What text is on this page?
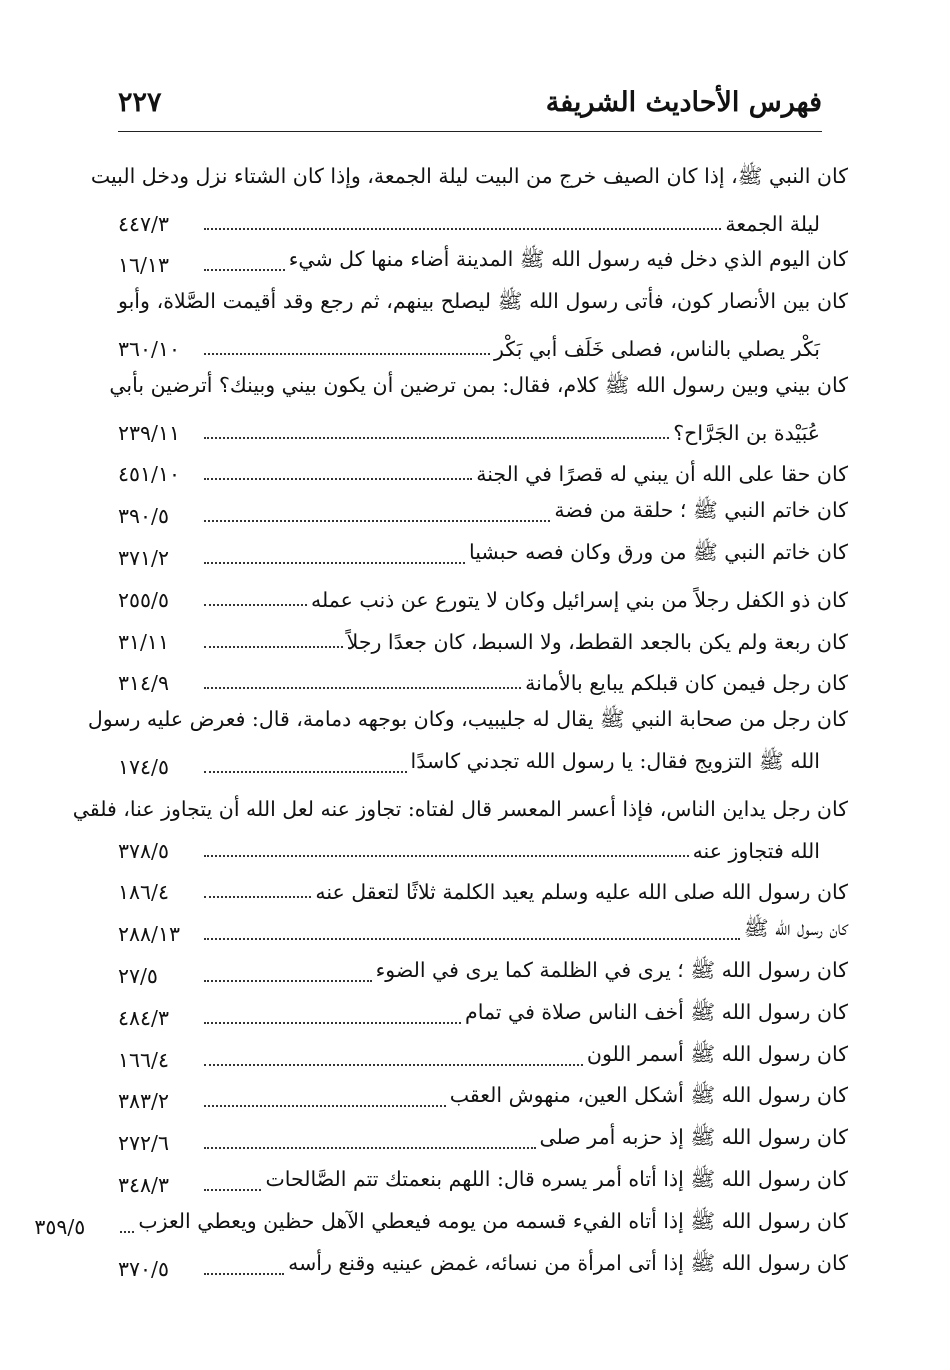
٢٢٧	فهرس الأحاديث الشريفة
كان النبي ﷺ، إذا كان الصيف خرج من البيت ليلة الجمعة، وإذا كان الشتاء نزل ودخل البيت
ليلة الجمعة
٤٤٧/٣
كان اليوم الذي دخل فيه رسول الله ﷺ المدينة أضاء منها كل شيء
١٦/١٣
كان بين الأنصار كون، فأتى رسول الله ﷺ ليصلح بينهم، ثم رجع وقد أقيمت الصَّلاة، وأبو
بَكْر يصلي بالناس، فصلى خَلَف أبي بَكْر
٣٦٠/١٠
كان بيني وبين رسول الله ﷺ كلام، فقال: بمن ترضين أن يكون بيني وبينك؟ أترضين بأبي
عُبَيْدة بن الجَرَّاح؟
٢٣٩/١١
كان حقا على الله أن يبني له قصرًا في الجنة
٤٥١/١٠
كان خاتم النبي ﷺ ؛ حلقة من فضة
٣٩٠/٥
كان خاتم النبي ﷺ من ورق وكان فصه حبشيا
٣٧١/٢
كان ذو الكفل رجلاً من بني إسرائيل وكان لا يتورع عن ذنب عمله
٢٥٥/٥
كان ربعة ولم يكن بالجعد القطط، ولا السبط، كان جعدًا رجلاً
٣١/١١
كان رجل فيمن كان قبلكم يبايع بالأمانة
٣١٤/٩
كان رجل من صحابة النبي ﷺ يقال له جليبيب، وكان بوجهه دمامة، قال: فعرض عليه رسول
الله ﷺ التزويج فقال: يا رسول الله تجدني كاسدًا
١٧٤/٥
كان رجل يداين الناس، فإذا أعسر المعسر قال لفتاه: تجاوز عنه لعل الله أن يتجاوز عنا، فلقي
الله فتجاوز عنه
٣٧٨/٥
كان رسول الله صلى الله عليه وسلم يعيد الكلمة ثلاثًا لتعقل عنه
١٨٦/٤
كان رسول الله ﷺ
٢٨٨/١٣
كان رسول الله ﷺ ؛ يرى في الظلمة كما يرى في الضوء
٢٧/٥
كان رسول الله ﷺ أخف الناس صلاة في تمام
٤٨٤/٣
كان رسول الله ﷺ أسمر اللون
١٦٦/٤
كان رسول الله ﷺ أشكل العين، منهوش العقب
٣٨٣/٢
كان رسول الله ﷺ إذ حزبه أمر صلى
٢٧٢/٦
كان رسول الله ﷺ إذا أتاه أمر يسره قال: اللهم بنعمتك تتم الصَّالحات
٣٤٨/٣
كان رسول الله ﷺ إذا أتاه الفيء قسمه من يومه فيعطي الآهل حظين ويعطي العزب
٣٥٩/٥
كان رسول الله ﷺ إذا أتى امرأة من نسائه، غمض عينيه وقنع رأسه
٣٧٠/٥
